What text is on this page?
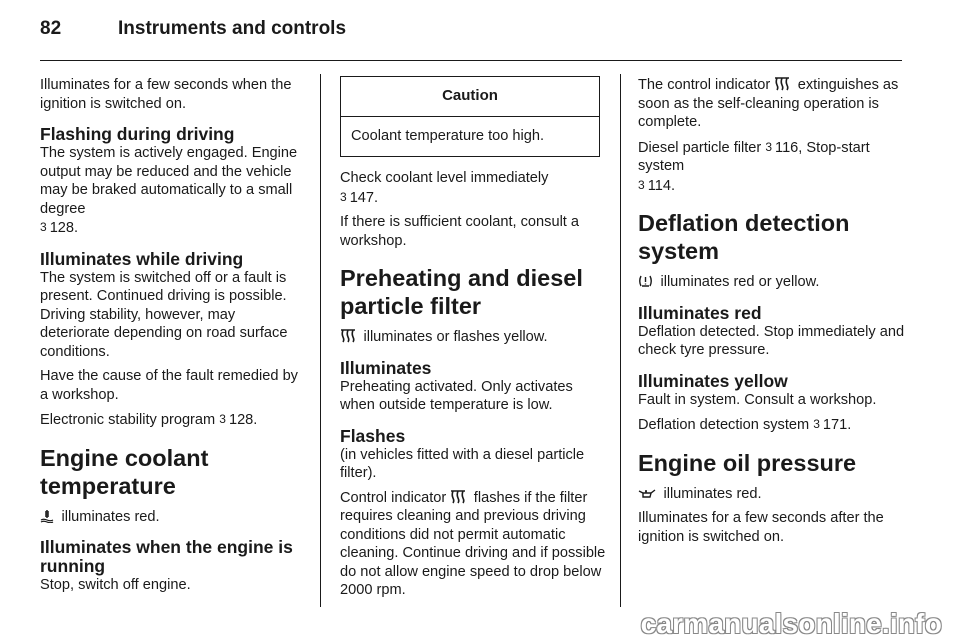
82	Instruments and controls

Illuminates for a few seconds when the ignition is switched on.

Flashing during driving

The system is actively engaged. Engine output may be reduced and the vehicle may be braked automatically to a small degree
3 128.

Illuminates while driving

The system is switched off or a fault is present. Continued driving is possible. Driving stability, however, may deteriorate depending on road surface conditions.

Have the cause of the fault remedied by a workshop.

Electronic stability program 3 128.

Engine coolant temperature

illuminates red.

Illuminates when the engine is running

Stop, switch off engine.

Caution
Coolant temperature too high.

Check coolant level immediately
3 147.

If there is sufficient coolant, consult a workshop.

Preheating and diesel particle filter

illuminates or flashes yellow.

Illuminates

Preheating activated. Only activates when outside temperature is low.

Flashes

(in vehicles fitted with a diesel particle filter).

Control indicator flashes if the filter requires cleaning and previous driving conditions did not permit automatic cleaning. Continue driving and if possible do not allow engine speed to drop below 2000 rpm.

The control indicator extinguishes as soon as the self-cleaning operation is complete.

Diesel particle filter 3 116, Stop-start system
3 114.

Deflation detection system

illuminates red or yellow.

Illuminates red

Deflation detected. Stop immediately and check tyre pressure.

Illuminates yellow

Fault in system. Consult a workshop.

Deflation detection system 3 171.

Engine oil pressure

illuminates red.

Illuminates for a few seconds after the ignition is switched on.

carmanualsonline.info
